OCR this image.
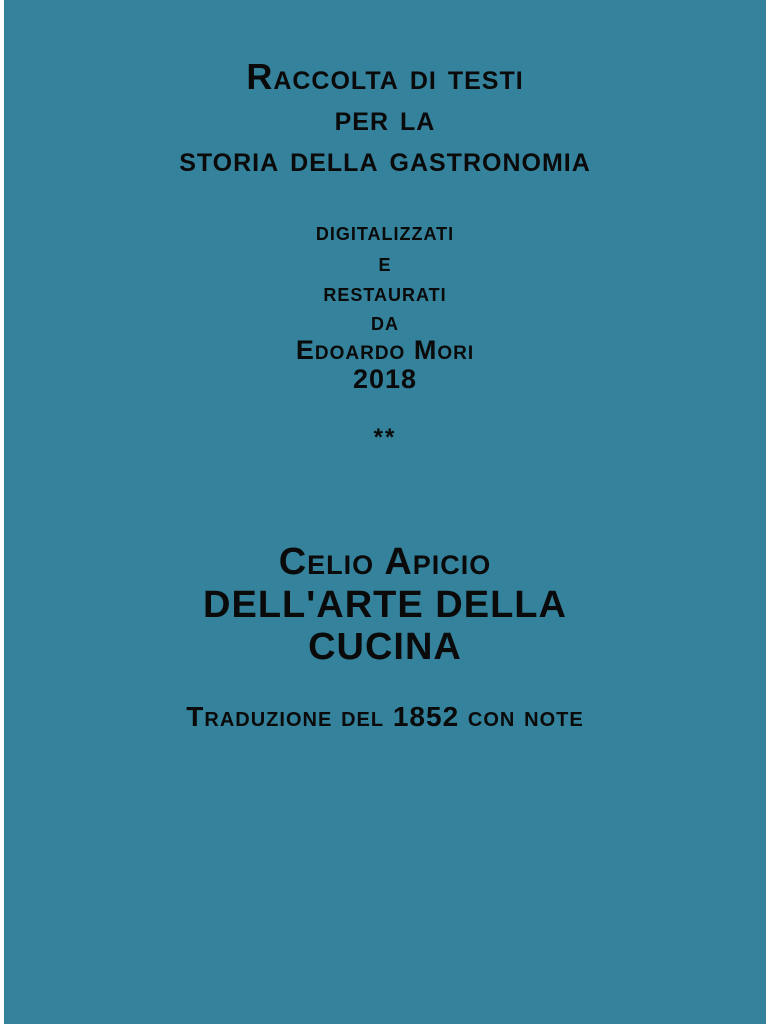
Raccolta di testi
per la
storia della gastronomia
digitalizzati
e
restaurati
da
Edoardo Mori
2018
**
Celio Apicio
DELL'ARTE DELLA
CUCINA
Traduzione del 1852 con note
